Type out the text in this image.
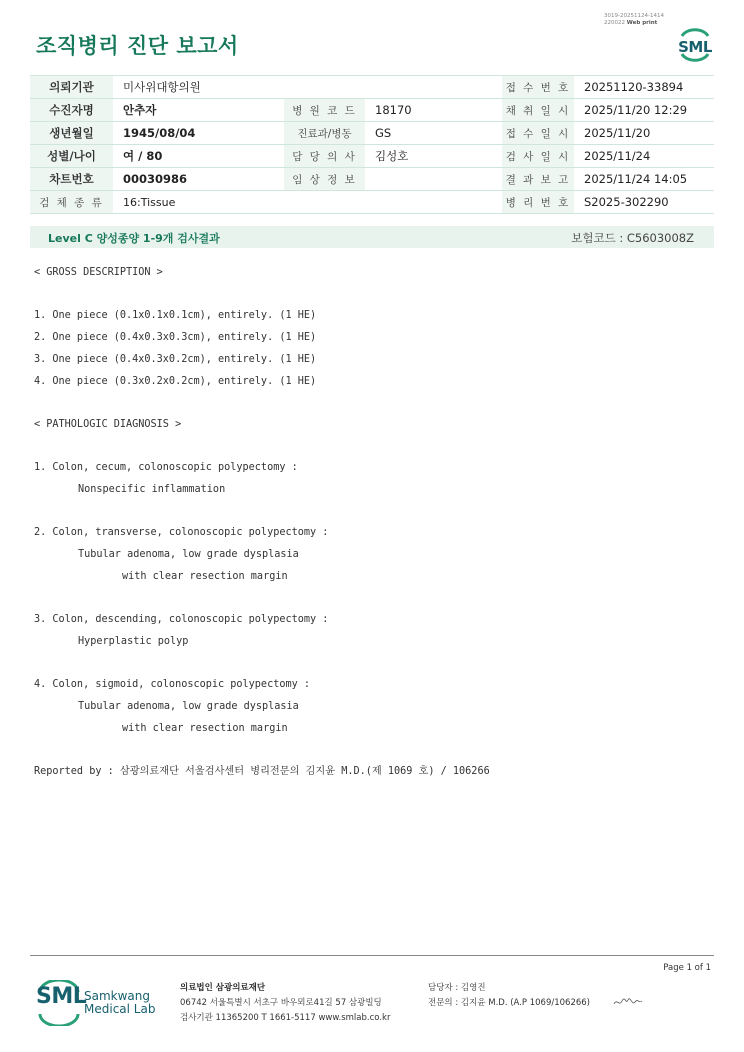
조직병리 진단 보고서
3019-20251124-1414
220022 Web print
SML
의뢰기관	미사위대항의원			접 수 번 호	20251120-33894
수진자명	안추자	병 원 코 드	18170	채 취 일 시	2025/11/20 12:29
생년월일	1945/08/04	진료과/병동	GS	접 수 일 시	2025/11/20
성별/나이	여 / 80	담 당 의 사	김성호	검 사 일 시	2025/11/24
차트번호	00030986	임 상 정 보		결 과 보 고	2025/11/24 14:05
검 체 종 류	16:Tissue			병 리 번 호	S2025-302290
Level C 양성종양 1-9개 검사결과	보험코드 : C5603008Z
< GROSS DESCRIPTION >

1. One piece (0.1x0.1x0.1cm), entirely. (1 HE)
2. One piece (0.4x0.3x0.3cm), entirely. (1 HE)
3. One piece (0.4x0.3x0.2cm), entirely. (1 HE)
4. One piece (0.3x0.2x0.2cm), entirely. (1 HE)

< PATHOLOGIC DIAGNOSIS >

1. Colon, cecum, colonoscopic polypectomy :
Nonspecific inflammation

2. Colon, transverse, colonoscopic polypectomy :
Tubular adenoma, low grade dysplasia
with clear resection margin

3. Colon, descending, colonoscopic polypectomy :
Hyperplastic polyp

4. Colon, sigmoid, colonoscopic polypectomy :
Tubular adenoma, low grade dysplasia
with clear resection margin

Reported by : 삼광의료재단 서울검사센터 병리전문의 김지윤 M.D.(제 1069 호) / 106266
Page 1 of 1
SML
Samkwang
Medical Lab
의료법인 삼광의료재단
06742 서울특별시 서초구 바우뫼로41길 57 삼광빌딩
검사기관 11365200 T 1661-5117 www.smlab.co.kr
담당자 : 김영진
전문의 : 김지윤 M.D. (A.P 1069/106266)
